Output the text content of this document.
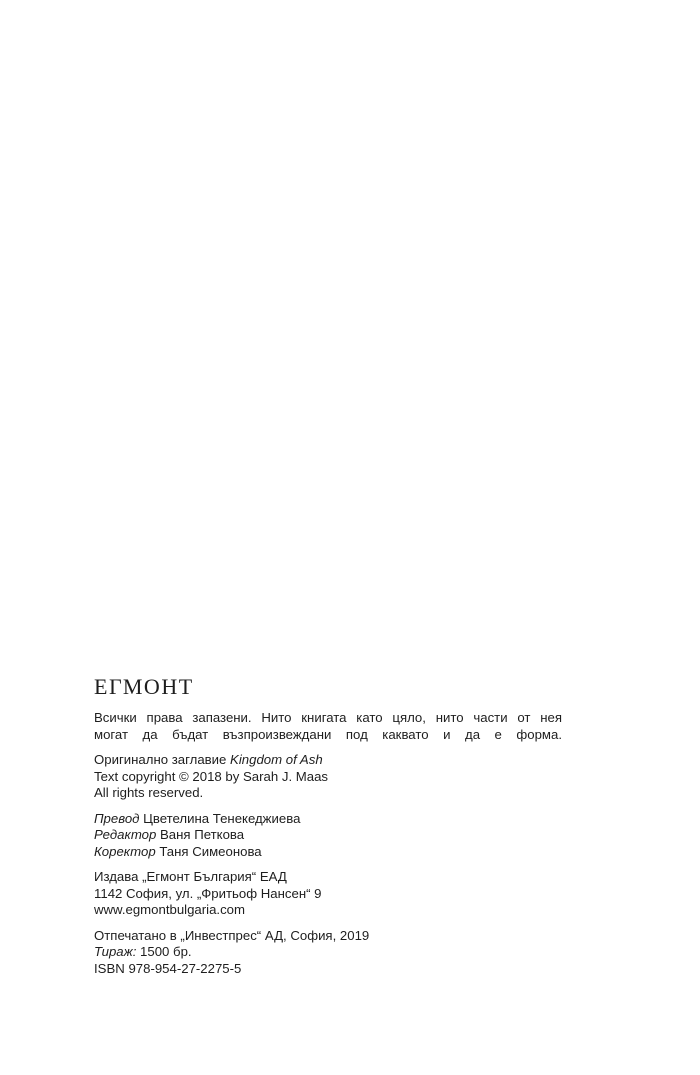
ЕГМОНТ
Всички права запазени. Нито книгата като цяло, нито части от нея
могат да бъдат възпроизвеждани под каквато и да е форма.
Оригинално заглавие Kingdom of Ash
Text copyright © 2018 by Sarah J. Maas
All rights reserved.
Превод Цветелина Тенекеджиева
Редактор Ваня Петкова
Коректор Таня Симеонова
Издава „Егмонт България“ ЕАД
1142 София, ул. „Фритьоф Нансен“ 9
www.egmontbulgaria.com
Отпечатано в „Инвестпрес“ АД, София, 2019
Тираж: 1500 бр.
ISBN 978-954-27-2275-5
